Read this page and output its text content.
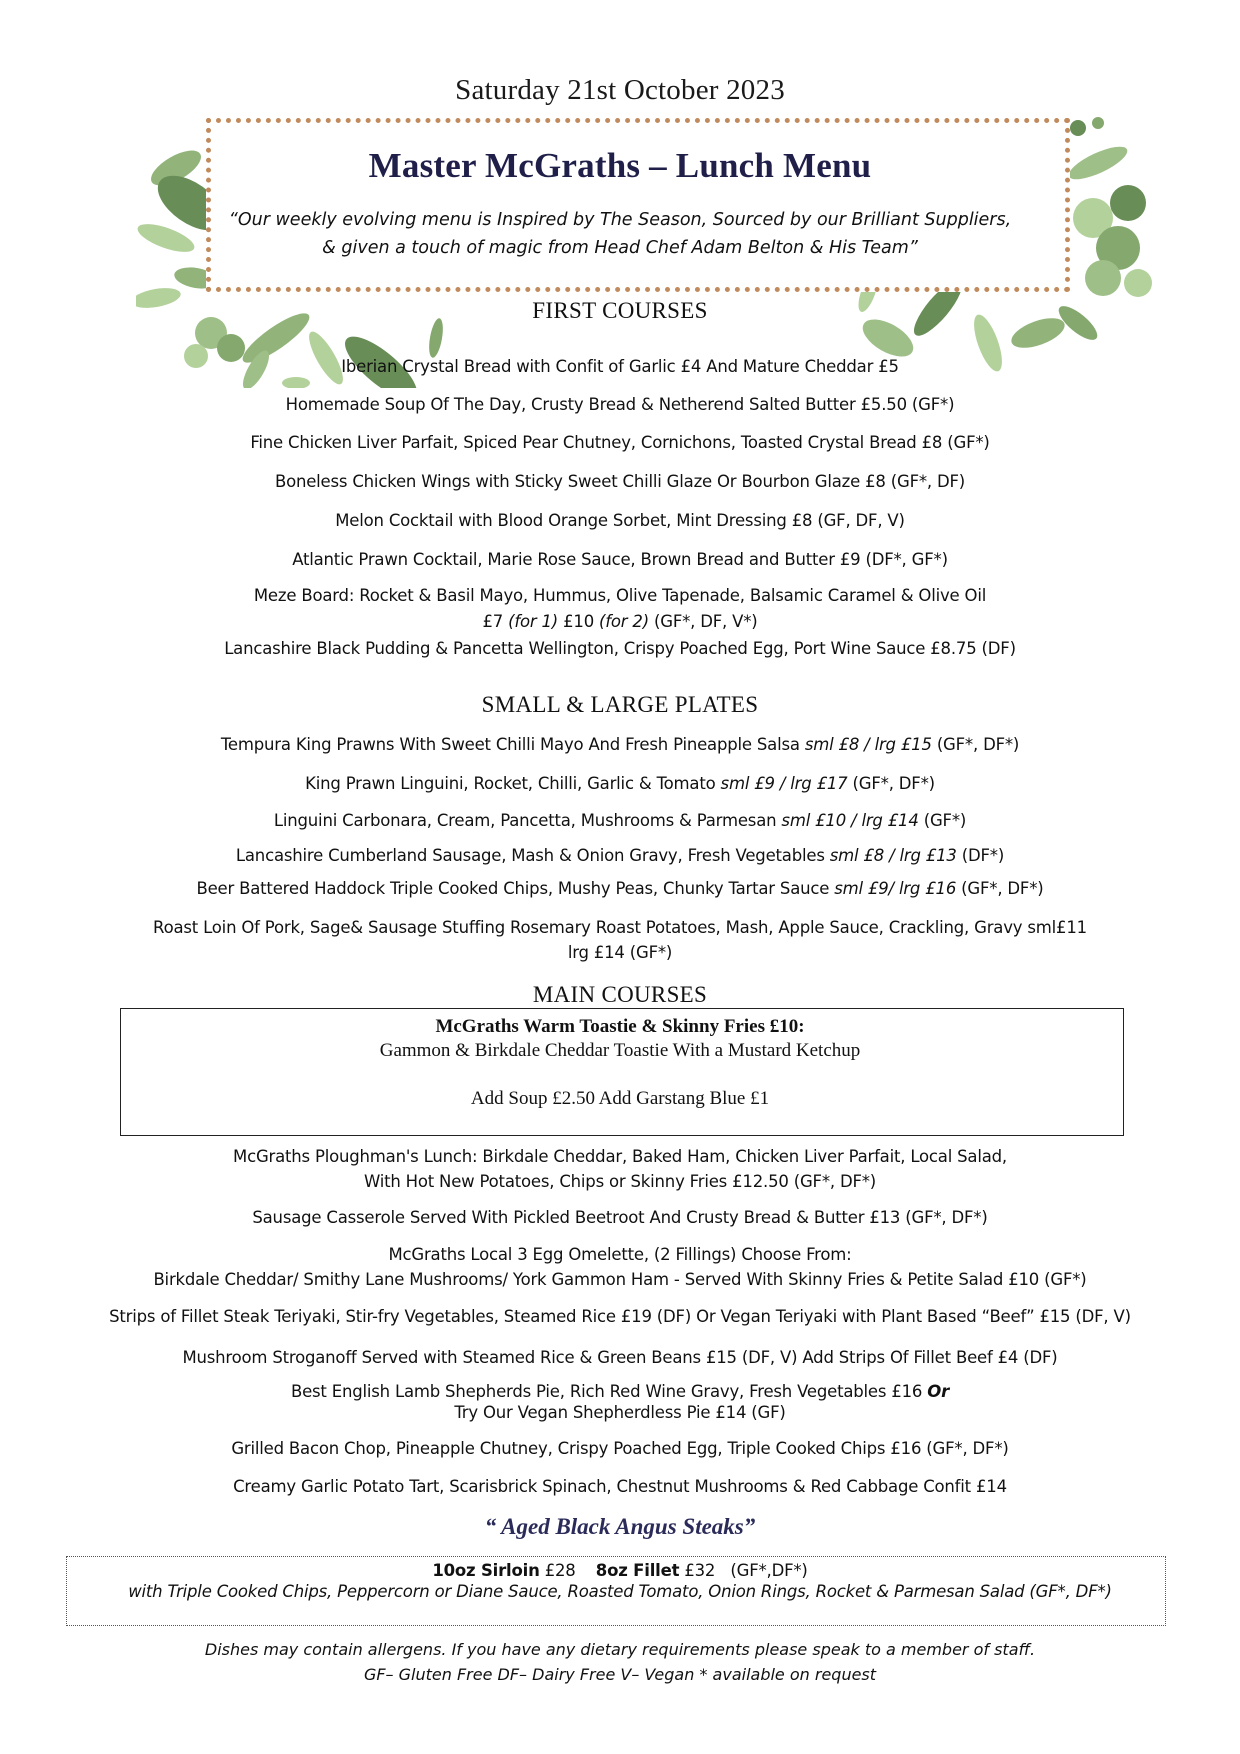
Saturday 21st October 2023
Master McGraths – Lunch Menu
“Our weekly evolving menu is Inspired by The Season, Sourced by our Brilliant Suppliers,
& given a touch of magic from Head Chef Adam Belton & His Team”
FIRST COURSES
Iberian Crystal Bread with Confit of Garlic £4 And Mature Cheddar £5
Homemade Soup Of The Day, Crusty Bread & Netherend Salted Butter £5.50 (GF*)
Fine Chicken Liver Parfait, Spiced Pear Chutney, Cornichons, Toasted Crystal Bread £8 (GF*)
Boneless Chicken Wings with Sticky Sweet Chilli Glaze Or Bourbon Glaze £8 (GF*, DF)
Melon Cocktail with Blood Orange Sorbet, Mint Dressing £8 (GF, DF, V)
Atlantic Prawn Cocktail, Marie Rose Sauce, Brown Bread and Butter £9 (DF*, GF*)
Meze Board: Rocket & Basil Mayo, Hummus, Olive Tapenade, Balsamic Caramel & Olive Oil
£7 (for 1) £10 (for 2) (GF*, DF, V*)
Lancashire Black Pudding & Pancetta Wellington, Crispy Poached Egg, Port Wine Sauce £8.75 (DF)
SMALL & LARGE PLATES
Tempura King Prawns With Sweet Chilli Mayo And Fresh Pineapple Salsa sml £8 / lrg £15 (GF*, DF*)
King Prawn Linguini, Rocket, Chilli, Garlic & Tomato sml £9 / lrg £17 (GF*, DF*)
Linguini Carbonara, Cream, Pancetta, Mushrooms & Parmesan sml £10 / lrg £14 (GF*)
Lancashire Cumberland Sausage, Mash & Onion Gravy, Fresh Vegetables sml £8 / lrg £13 (DF*)
Beer Battered Haddock Triple Cooked Chips, Mushy Peas, Chunky Tartar Sauce sml £9/ lrg £16 (GF*, DF*)
Roast Loin Of Pork, Sage& Sausage Stuffing Rosemary Roast Potatoes, Mash, Apple Sauce, Crackling, Gravy sml£11
lrg £14 (GF*)
MAIN COURSES
McGraths Warm Toastie & Skinny Fries £10:
Gammon & Birkdale Cheddar Toastie With a Mustard Ketchup
Add Soup £2.50 Add Garstang Blue £1
McGraths Ploughman's Lunch: Birkdale Cheddar, Baked Ham, Chicken Liver Parfait, Local Salad,
With Hot New Potatoes, Chips or Skinny Fries £12.50 (GF*, DF*)
Sausage Casserole Served With Pickled Beetroot And Crusty Bread & Butter £13 (GF*, DF*)
McGraths Local 3 Egg Omelette, (2 Fillings) Choose From:
Birkdale Cheddar/ Smithy Lane Mushrooms/ York Gammon Ham - Served With Skinny Fries & Petite Salad £10 (GF*)
Strips of Fillet Steak Teriyaki, Stir-fry Vegetables, Steamed Rice £19 (DF) Or Vegan Teriyaki with Plant Based “Beef” £15 (DF, V)
Mushroom Stroganoff Served with Steamed Rice & Green Beans £15 (DF, V) Add Strips Of Fillet Beef £4 (DF)
Best English Lamb Shepherds Pie, Rich Red Wine Gravy, Fresh Vegetables £16 Or
Try Our Vegan Shepherdless Pie £14 (GF)
Grilled Bacon Chop, Pineapple Chutney, Crispy Poached Egg, Triple Cooked Chips £16 (GF*, DF*)
Creamy Garlic Potato Tart, Scarisbrick Spinach, Chestnut Mushrooms & Red Cabbage Confit £14
“ Aged Black Angus Steaks”
10oz Sirloin £28 8oz Fillet £32 (GF*,DF*)
with Triple Cooked Chips, Peppercorn or Diane Sauce, Roasted Tomato, Onion Rings, Rocket & Parmesan Salad (GF*, DF*)
Dishes may contain allergens. If you have any dietary requirements please speak to a member of staff.
GF– Gluten Free DF– Dairy Free V– Vegan * available on request
